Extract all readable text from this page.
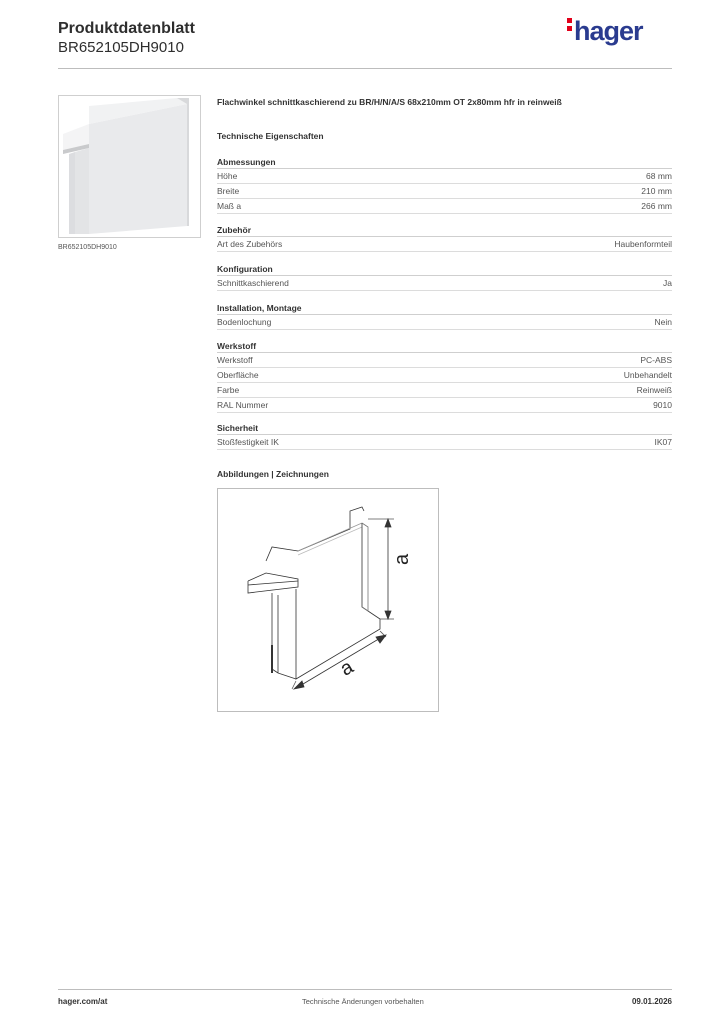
Produktdatenblatt
BR652105DH9010
hager
BR652105DH9010
Flachwinkel schnittkaschierend zu BR/H/N/A/S 68x210mm OT 2x80mm hfr in reinweiß
Technische Eigenschaften
Abmessungen
Höhe	68 mm
Breite	210 mm
Maß a	266 mm
Zubehör
Art des Zubehörs	Haubenformteil
Konfiguration
Schnittkaschierend	Ja
Installation, Montage
Bodenlochung	Nein
Werkstoff
Werkstoff	PC-ABS
Oberfläche	Unbehandelt
Farbe	Reinweiß
RAL Nummer	9010
Sicherheit
Stoßfestigkeit IK	IK07
Abbildungen | Zeichnungen
a
a
hager.com/at	Technische Änderungen vorbehalten	09.01.2026
